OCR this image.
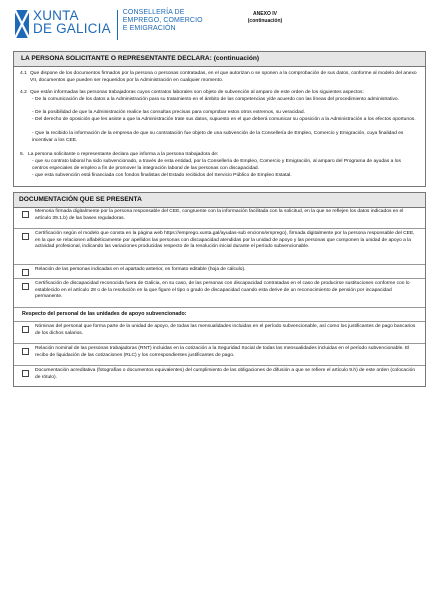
XUNTA
DE GALICIA
CONSELLERÍA DE
EMPREGO, COMERCIO
E EMIGRACIÓN
ANEXO IV
(continuación)
LA PERSONA SOLICITANTE O REPRESENTANTE DECLARA: (continuación)
4.1 Que dispone de los documentos firmados por la persona o personas contratadas, en el que autorizan o se oponen a la comprobación de sus datos, conforme al modelo del anexo VII, documentos que pueden ser requeridos por la Administración en cualquier momento.
4.2 Que están informadas las personas trabajadoras cuyos contratos laborales son objeto de subvención al amparo de este orden de los siguientes aspectos:
- De la comunicación de los datos a la Administración para su tratamiento en el ámbito de las competencias y/de acuerdo con las líneas del procedimiento administrativo.
- De la posibilidad de que la Administración realice las consultas precisas para comprobar estos otros extremos, su veracidad.
- Del derecho de oposición que les asiste a que la Administración trate sus datos, supuesto en el que deberá comunicar su oposición a la Administración a los efectos oportunos.
- Que la recibido la información de la empresa de que su contratación fue objeto de una subvención de la Consellería de Empleo, Comercio y Emigración, cuya finalidad es incentivar a los CEE.
5. La persona solicitante o representante declara que informa a la persona trabajadora de:
- que su contrato laboral ha sido subvencionado, a través de esta entidad, por la Consellería de Empleo, Comercio y Emigración, al amparo del Programa de ayudas a los centros especiales de empleo a fin de promover la integración laboral de las personas con discapacidad.
- que esta subvención está financiada con fondos finalistas del Estado recibidos del Servicio Público de Empleo Estatal.
DOCUMENTACIÓN QUE SE PRESENTA
Memoria firmada digitalmente por la persona responsable del CEE, congruente con la información facilitada con la solicitud, en la que se reflejen los datos indicados en el artículo 39.1.b) de las bases reguladoras.
Certificación según el modelo que consta en la página web https://emprego.xunta.gal/ayudas-sub encions/emprego), firmada digitalmente por la persona responsable del CEE, en la que se relacionen alfabéticamente por apellidos las personas con discapacidad atendidas por la unidad de apoyo y las personas que componen la unidad de apoyo a la actividad profesional, indicando las variaciones producidas respecto de la resolución inicial durante el período subvencionable.
Relación de las personas indicadas en el apartado anterior, en formato editable (hoja de cálculo).
Certificación de discapacidad reconocida fuera de Galicia, en su caso, de las personas con discapacidad contratadas en el caso de producirse sustituciones conforme con lo establecido en el artículo 28 o de la resolución en la que figure el tipo o grado de discapacidad cuando esta derive de un reconocimiento de pensión por incapacidad permanente.
Respecto del personal de las unidades de apoyo subvencionado:
Nóminas del personal que forma parte de la unidad de apoyo, de todas las mensualidades incluidas en el período subvencionable, así como los justificantes de pago bancarios de los dichos salarios.
Relación nominal de las personas trabajadoras (RNT) incluidas en la cotización a la Seguridad Social de todas las mensualidades incluidas en el período subvencionable. El recibo de liquidación de las cotizaciones (RLC) y los correspondientes justificantes de pago.
Documentación acreditativa (fotografías o documentos equivalentes) del cumplimiento de las obligaciones de difusión a que se refiere el artículo 9.h) de este orden (colocación de rótulo).
